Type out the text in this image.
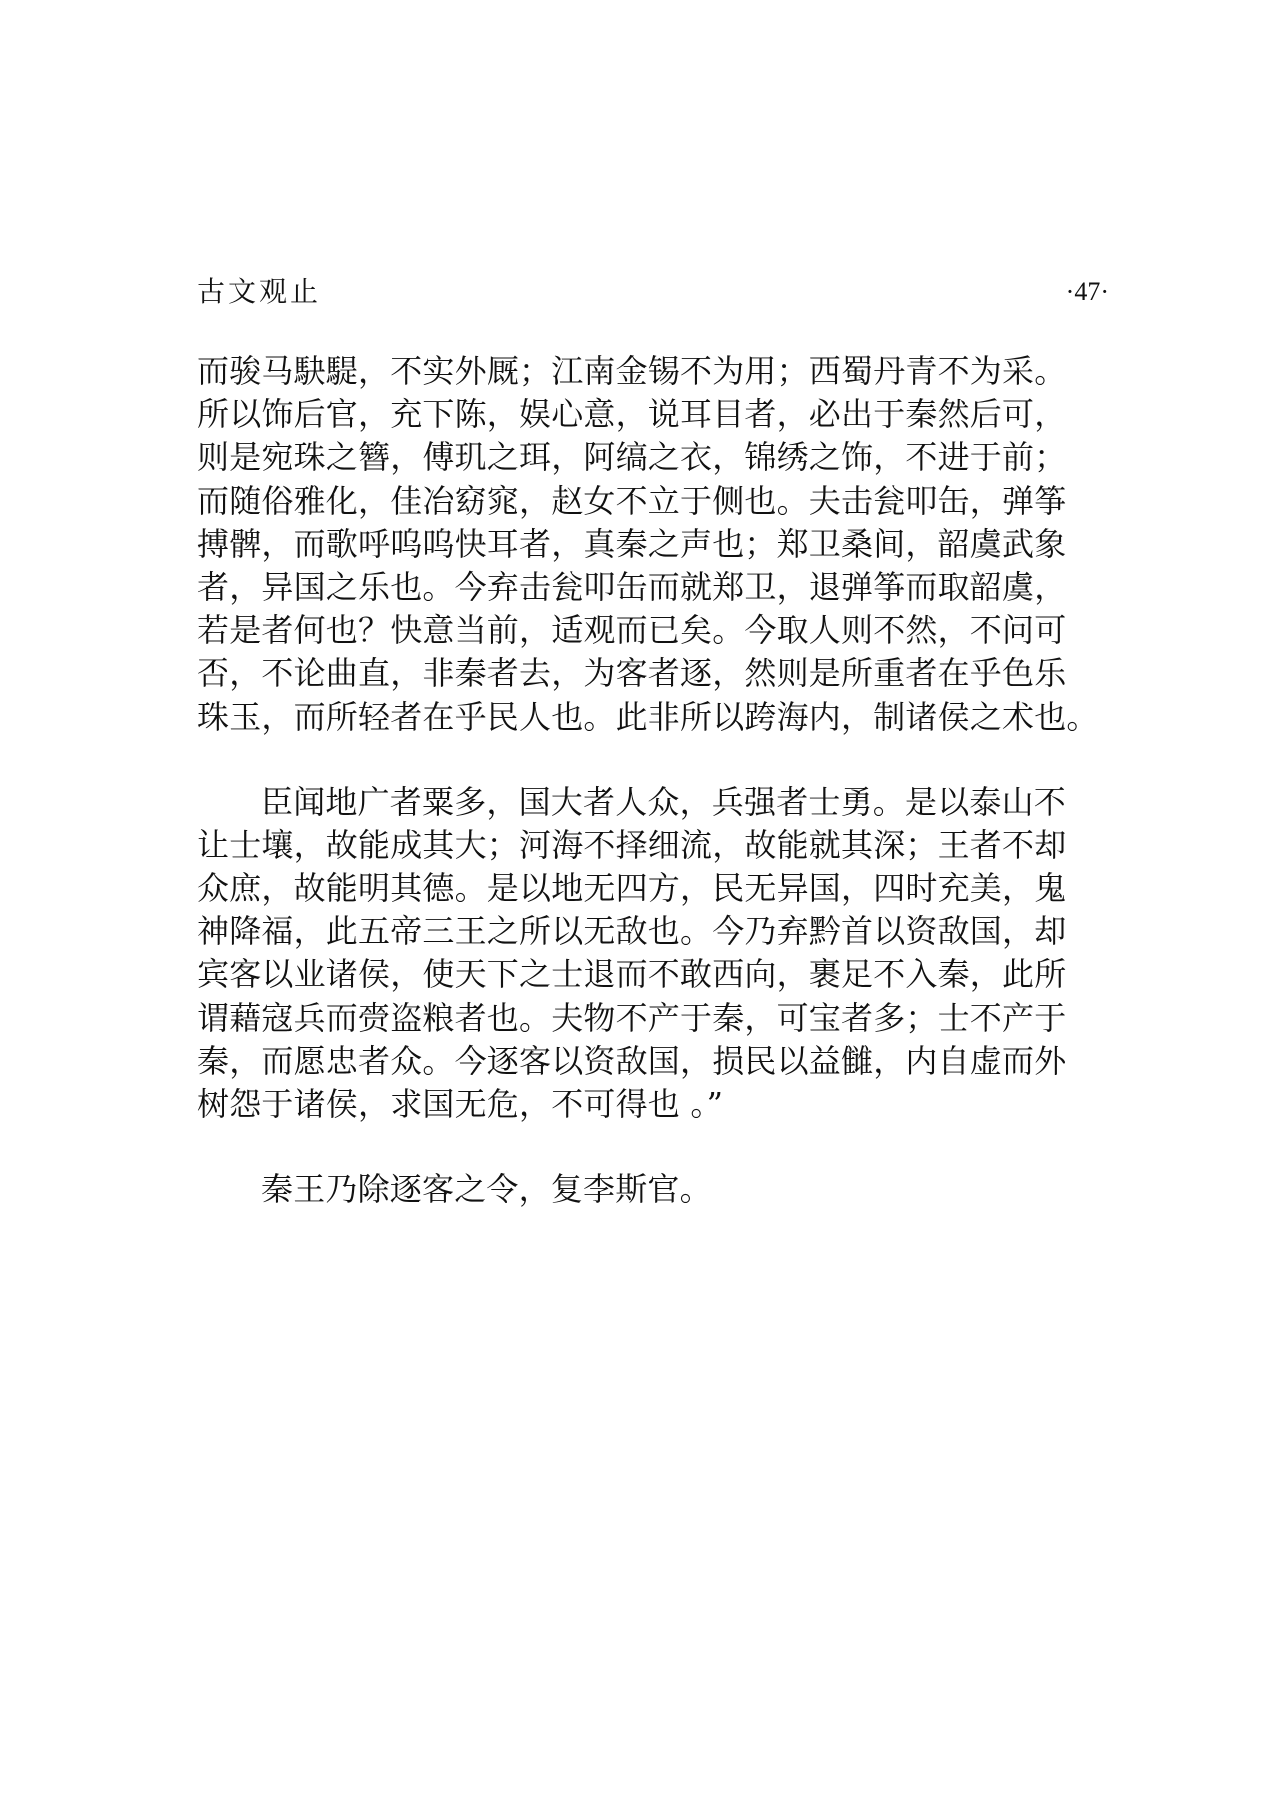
古文观止	·47·
而骏马駃騠，不实外厩；江南金锡不为用；西蜀丹青不为采。
所以饰后官，充下陈，娱心意，说耳目者，必出于秦然后可，
则是宛珠之簪，傅玑之珥，阿缟之衣，锦绣之饰，不进于前；
而随俗雅化，佳冶窈窕，赵女不立于侧也。夫击瓮叩缶，弹筝
搏髀，而歌呼呜呜快耳者，真秦之声也；郑卫桑间，韶虞武象
者，异国之乐也。今弃击瓮叩缶而就郑卫，退弹筝而取韶虞，
若是者何也？快意当前，适观而已矣。今取人则不然，不问可
否，不论曲直，非秦者去，为客者逐，然则是所重者在乎色乐
珠玉，而所轻者在乎民人也。此非所以跨海内，制诸侯之术也。
臣闻地广者粟多，国大者人众，兵强者士勇。是以泰山不
让士壤，故能成其大；河海不择细流，故能就其深；王者不却
众庶，故能明其德。是以地无四方，民无异国，四时充美，鬼
神降福，此五帝三王之所以无敌也。今乃弃黔首以资敌国，却
宾客以业诸侯，使天下之士退而不敢西向，裹足不入秦，此所
谓藉寇兵而赍盗粮者也。夫物不产于秦，可宝者多；士不产于
秦，而愿忠者众。今逐客以资敌国，损民以益雠，内自虚而外
树怨于诸侯，求国无危，不可得也 。”
秦王乃除逐客之令，复李斯官。
